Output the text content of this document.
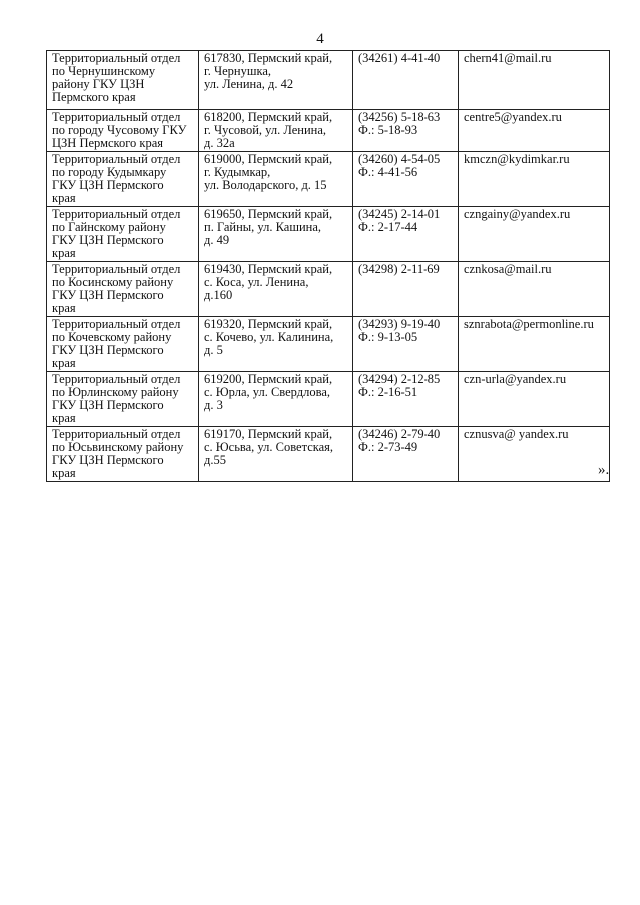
4
Территориальный отдел
по Чернушинскому
району ГКУ ЦЗН
Пермского края	617830, Пермский край,
г. Чернушка,
ул. Ленина, д. 42	(34261) 4-41-40	chern41@mail.ru

Территориальный отдел
по городу Чусовому ГКУ
ЦЗН Пермского края	618200, Пермский край,
г. Чусовой, ул. Ленина,
д. 32а	(34256) 5-18-63
Ф.: 5-18-93	centre5@yandex.ru

Территориальный отдел
по городу Кудымкару
ГКУ ЦЗН Пермского
края	619000, Пермский край,
г. Кудымкар,
ул. Володарского, д. 15	(34260) 4-54-05
Ф.: 4-41-56	kmczn@kydimkar.ru

Территориальный отдел
по Гайнскому району
ГКУ ЦЗН Пермского
края	619650, Пермский край,
п. Гайны, ул. Кашина,
д. 49	(34245) 2-14-01
Ф.: 2-17-44	czngainy@yandex.ru

Территориальный отдел
по Косинскому району
ГКУ ЦЗН Пермского
края	619430, Пермский край,
с. Коса, ул. Ленина,
д.160	(34298) 2-11-69	cznkosa@mail.ru

Территориальный отдел
по Кочевскому району
ГКУ ЦЗН Пермского
края	619320, Пермский край,
с. Кочево, ул. Калинина,
д. 5	(34293) 9-19-40
Ф.: 9-13-05	sznrabota@permonline.ru

Территориальный отдел
по Юрлинскому району
ГКУ ЦЗН Пермского
края	619200, Пермский край,
с. Юрла, ул. Свердлова,
д. 3	(34294) 2-12-85
Ф.: 2-16-51	czn-urla@yandex.ru

Территориальный отдел
по Юсьвинскому району
ГКУ ЦЗН Пермского
края	619170, Пермский край,
с. Юсьва, ул. Советская,
д.55	(34246) 2-79-40
Ф.: 2-73-49	cznusva@ yandex.ru
».
